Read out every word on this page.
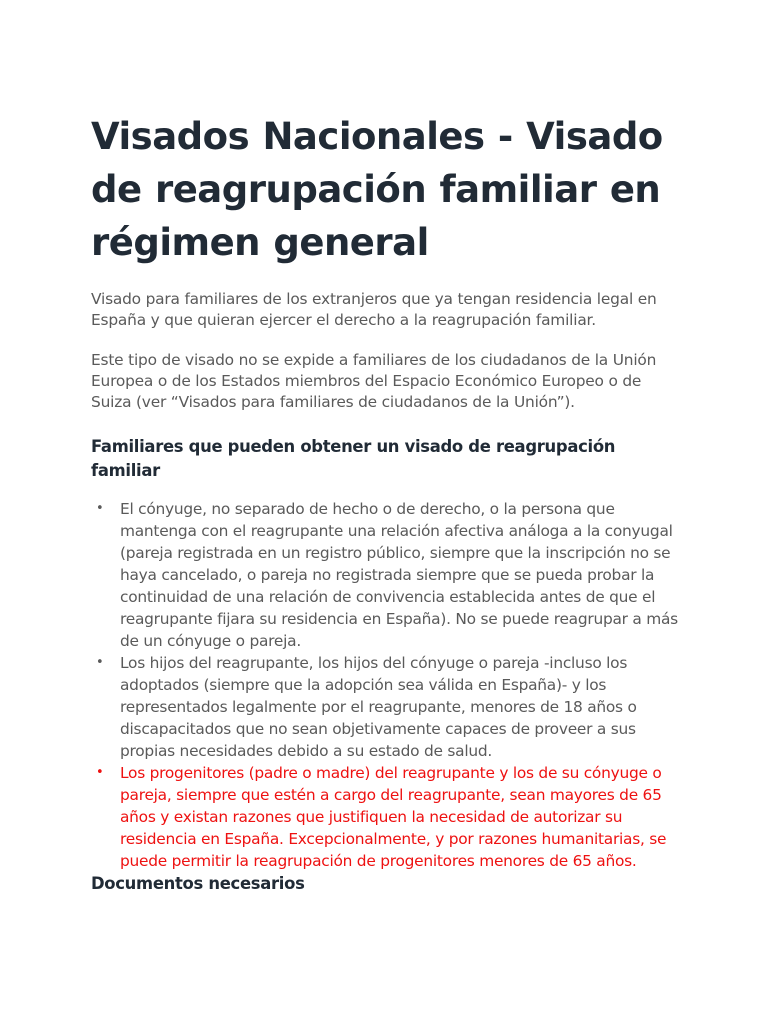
Visados Nacionales - Visado de reagrupación familiar en régimen general

Visado para familiares de los extranjeros que ya tengan residencia legal en España y que quieran ejercer el derecho a la reagrupación familiar.

Este tipo de visado no se expide a familiares de los ciudadanos de la Unión Europea o de los Estados miembros del Espacio Económico Europeo o de Suiza (ver “Visados para familiares de ciudadanos de la Unión”).

Familiares que pueden obtener un visado de reagrupación familiar
• El cónyuge, no separado de hecho o de derecho, o la persona que mantenga con el reagrupante una relación afectiva análoga a la conyugal (pareja registrada en un registro público, siempre que la inscripción no se haya cancelado, o pareja no registrada siempre que se pueda probar la continuidad de una relación de convivencia establecida antes de que el reagrupante fijara su residencia en España). No se puede reagrupar a más de un cónyuge o pareja.
• Los hijos del reagrupante, los hijos del cónyuge o pareja -incluso los adoptados (siempre que la adopción sea válida en España)- y los representados legalmente por el reagrupante, menores de 18 años o discapacitados que no sean objetivamente capaces de proveer a sus propias necesidades debido a su estado de salud.
• Los progenitores (padre o madre) del reagrupante y los de su cónyuge o pareja, siempre que estén a cargo del reagrupante, sean mayores de 65 años y existan razones que justifiquen la necesidad de autorizar su residencia en España. Excepcionalmente, y por razones humanitarias, se puede permitir la reagrupación de progenitores menores de 65 años.
Documentos necesarios
